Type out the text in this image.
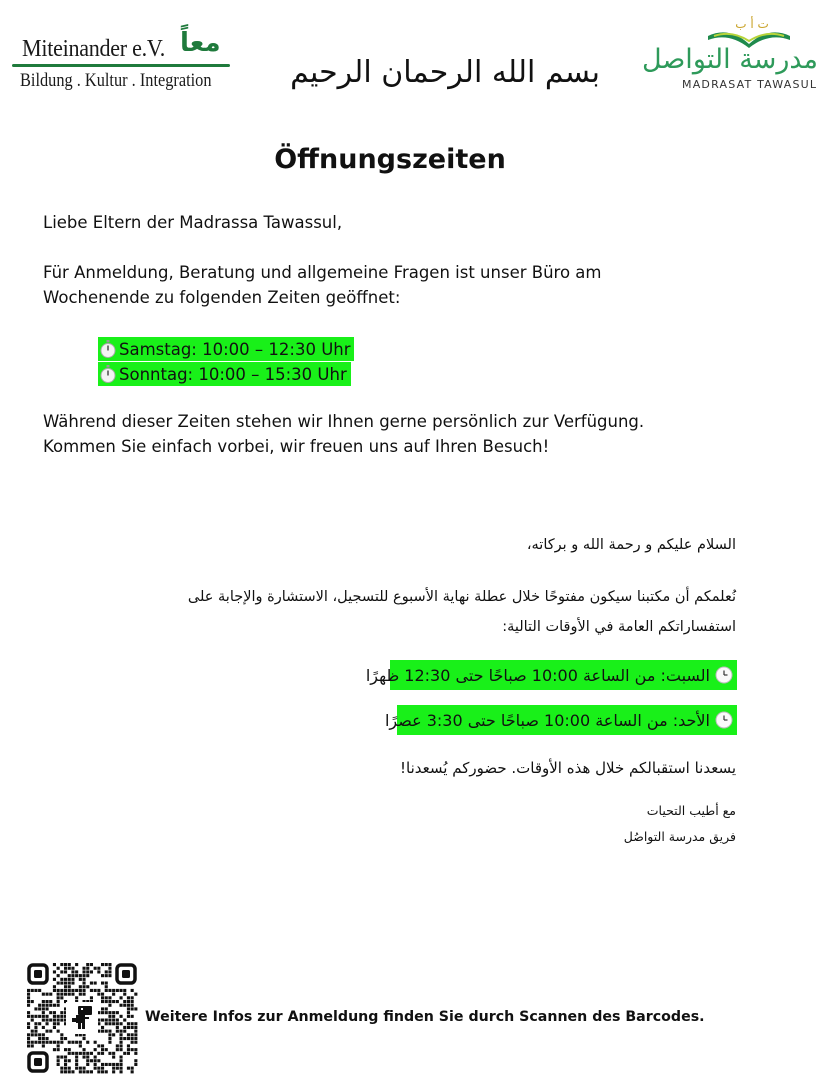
Miteinander e.V. معاً
Bildung . Kultur . Integration
ت أ ب
مدرسة التواصل
MADRASAT TAWASUL
بسم الله الرحمان الرحيم
Öffnungszeiten
Liebe Eltern der Madrassa Tawassul,
Für Anmeldung, Beratung und allgemeine Fragen ist unser Büro am
Wochenende zu folgenden Zeiten geöffnet:
Samstag: 10:00 – 12:30 Uhr
Sonntag: 10:00 – 15:30 Uhr
Während dieser Zeiten stehen wir Ihnen gerne persönlich zur Verfügung.
Kommen Sie einfach vorbei, wir freuen uns auf Ihren Besuch!
السلام عليكم و رحمة الله و بركاته،
نُعلمكم أن مكتبنا سيكون مفتوحًا خلال عطلة نهاية الأسبوع للتسجيل، الاستشارة والإجابة على
استفساراتكم العامة في الأوقات التالية:
السبت: من الساعة 10:00 صباحًا حتى 12:30 ظهرًا
الأحد: من الساعة 10:00 صباحًا حتى 3:30 عصرًا
يسعدنا استقبالكم خلال هذه الأوقات. حضوركم يُسعدنا!
مع أطيب التحيات
فريق مدرسة التواصُل
Weitere Infos zur Anmeldung finden Sie durch Scannen des Barcodes.
